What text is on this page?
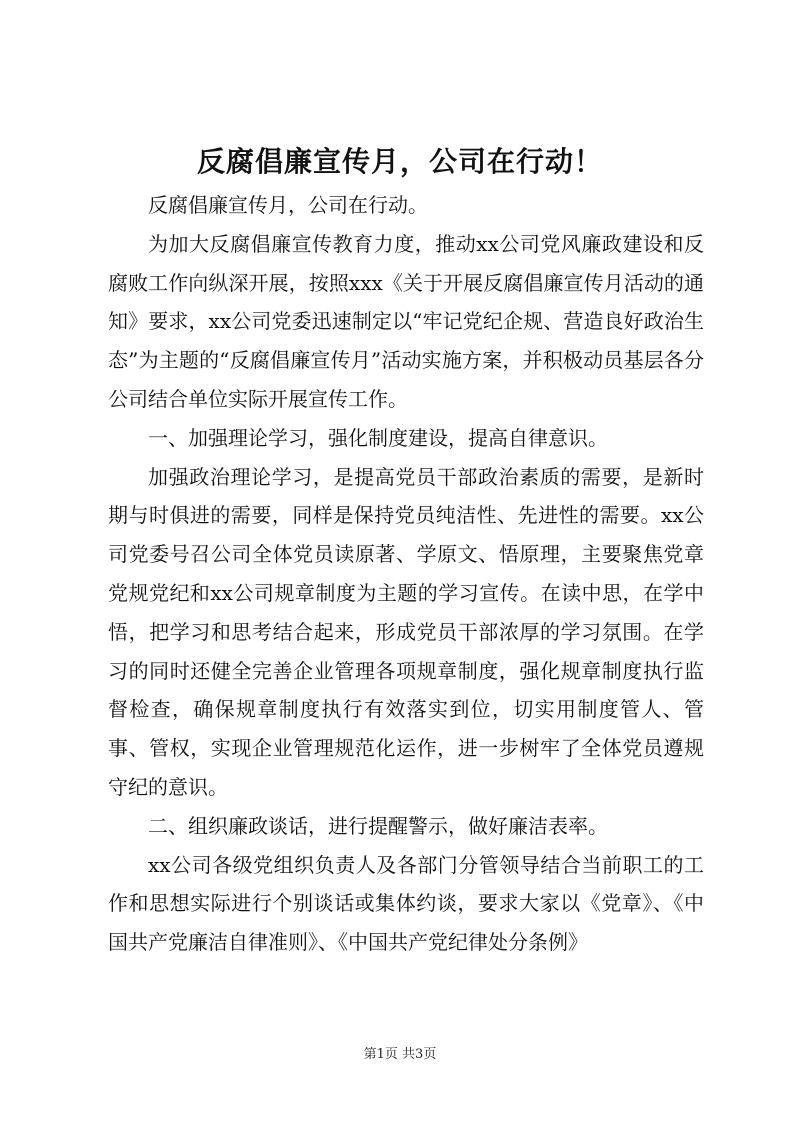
反腐倡廉宣传月，公司在行动！

反腐倡廉宣传月，公司在行动。

为加大反腐倡廉宣传教育力度，推动xx公司党风廉政建设和反腐败工作向纵深开展，按照xxx《关于开展反腐倡廉宣传月活动的通知》要求，xx公司党委迅速制定以“牢记党纪企规、营造良好政治生态”为主题的“反腐倡廉宣传月”活动实施方案，并积极动员基层各分公司结合单位实际开展宣传工作。

一、加强理论学习，强化制度建设，提高自律意识。

加强政治理论学习，是提高党员干部政治素质的需要，是新时期与时俱进的需要，同样是保持党员纯洁性、先进性的需要。xx公司党委号召公司全体党员读原著、学原文、悟原理，主要聚焦党章党规党纪和xx公司规章制度为主题的学习宣传。在读中思，在学中悟，把学习和思考结合起来，形成党员干部浓厚的学习氛围。在学习的同时还健全完善企业管理各项规章制度，强化规章制度执行监督检查，确保规章制度执行有效落实到位，切实用制度管人、管事、管权，实现企业管理规范化运作，进一步树牢了全体党员遵规守纪的意识。

二、组织廉政谈话，进行提醒警示，做好廉洁表率。

xx公司各级党组织负责人及各部门分管领导结合当前职工的工作和思想实际进行个别谈话或集体约谈，要求大家以《党章》、《中国共产党廉洁自律准则》、《中国共产党纪律处分条例》

第1页 共3页
